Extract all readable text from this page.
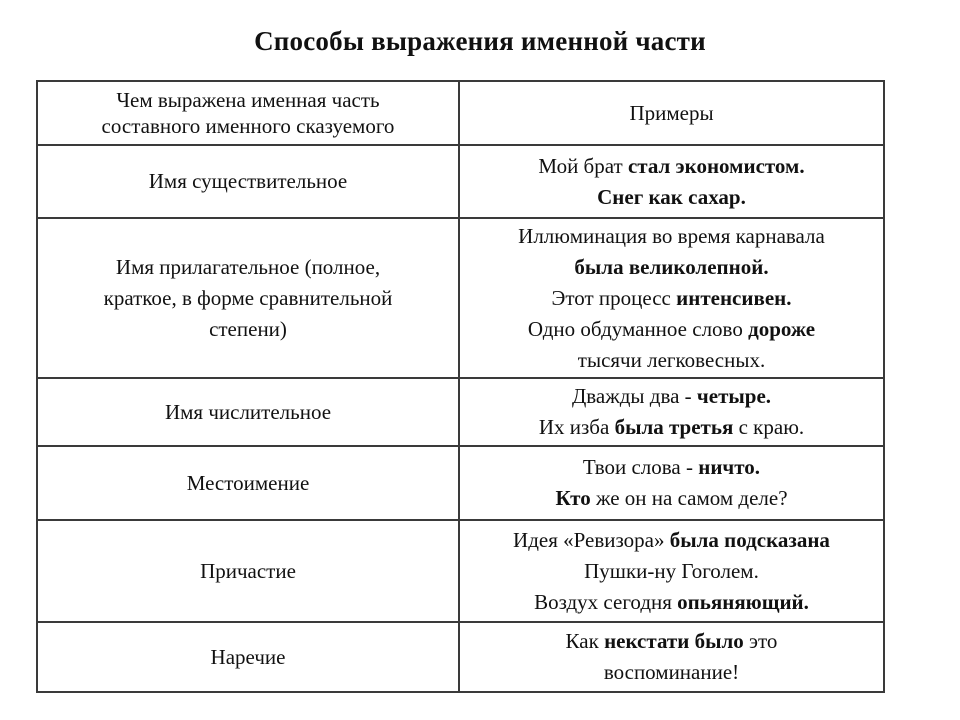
Способы выражения именной части
Чем выражена именная часть
составного именного сказуемого	Примеры

Имя существительное	Мой брат стал экономистом.
Снег как сахар.

Имя прилагательное (полное,
краткое, в форме сравнительной
степени)	Иллюминация во время карнавала
была великолепной.
Этот процесс интенсивен.
Одно обдуманное слово дороже
тысячи легковесных.

Имя числительное	Дважды два - четыре.
Их изба была третья с краю.

Местоимение	Твои слова - ничто.
Кто же он на самом деле?

Причастие	Идея «Ревизора» была подсказана
Пушки-ну Гоголем.
Воздух сегодня опьяняющий.

Наречие	Как некстати было это
воспоминание!
